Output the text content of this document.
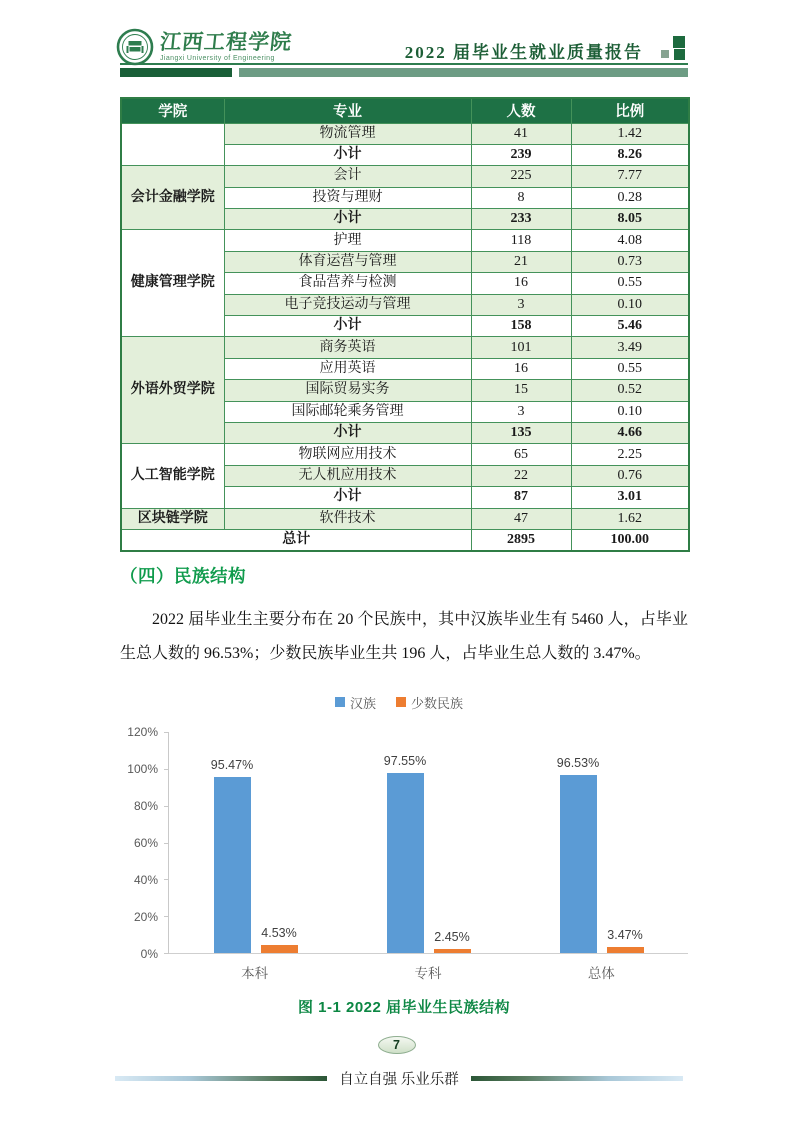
江西工程学院
Jiangxi University of Engineering	2022 届毕业生就业质量报告
学院	专业	人数	比例
	物流管理	41	1.42
	小计	239	8.26
会计金融学院	会计	225	7.77
	投资与理财	8	0.28
	小计	233	8.05
健康管理学院	护理	118	4.08
	体育运营与管理	21	0.73
	食品营养与检测	16	0.55
	电子竞技运动与管理	3	0.10
	小计	158	5.46
外语外贸学院	商务英语	101	3.49
	应用英语	16	0.55
	国际贸易实务	15	0.52
	国际邮轮乘务管理	3	0.10
	小计	135	4.66
人工智能学院	物联网应用技术	65	2.25
	无人机应用技术	22	0.76
	小计	87	3.01
区块链学院	软件技术	47	1.62
总计		2895	100.00
（四）民族结构

2022 届毕业生主要分布在 20 个民族中，其中汉族毕业生有 5460 人，占毕业生总人数的 96.53%；少数民族毕业生共 196 人，占毕业生总人数的 3.47%。

汉族	少数民族
120%
100%
80%
60%
40%
20%
0%
95.47%
4.53%
97.55%
2.45%
96.53%
3.47%
本科	专科	总体
图 1-1 2022 届毕业生民族结构
7
自立自强 乐业乐群
